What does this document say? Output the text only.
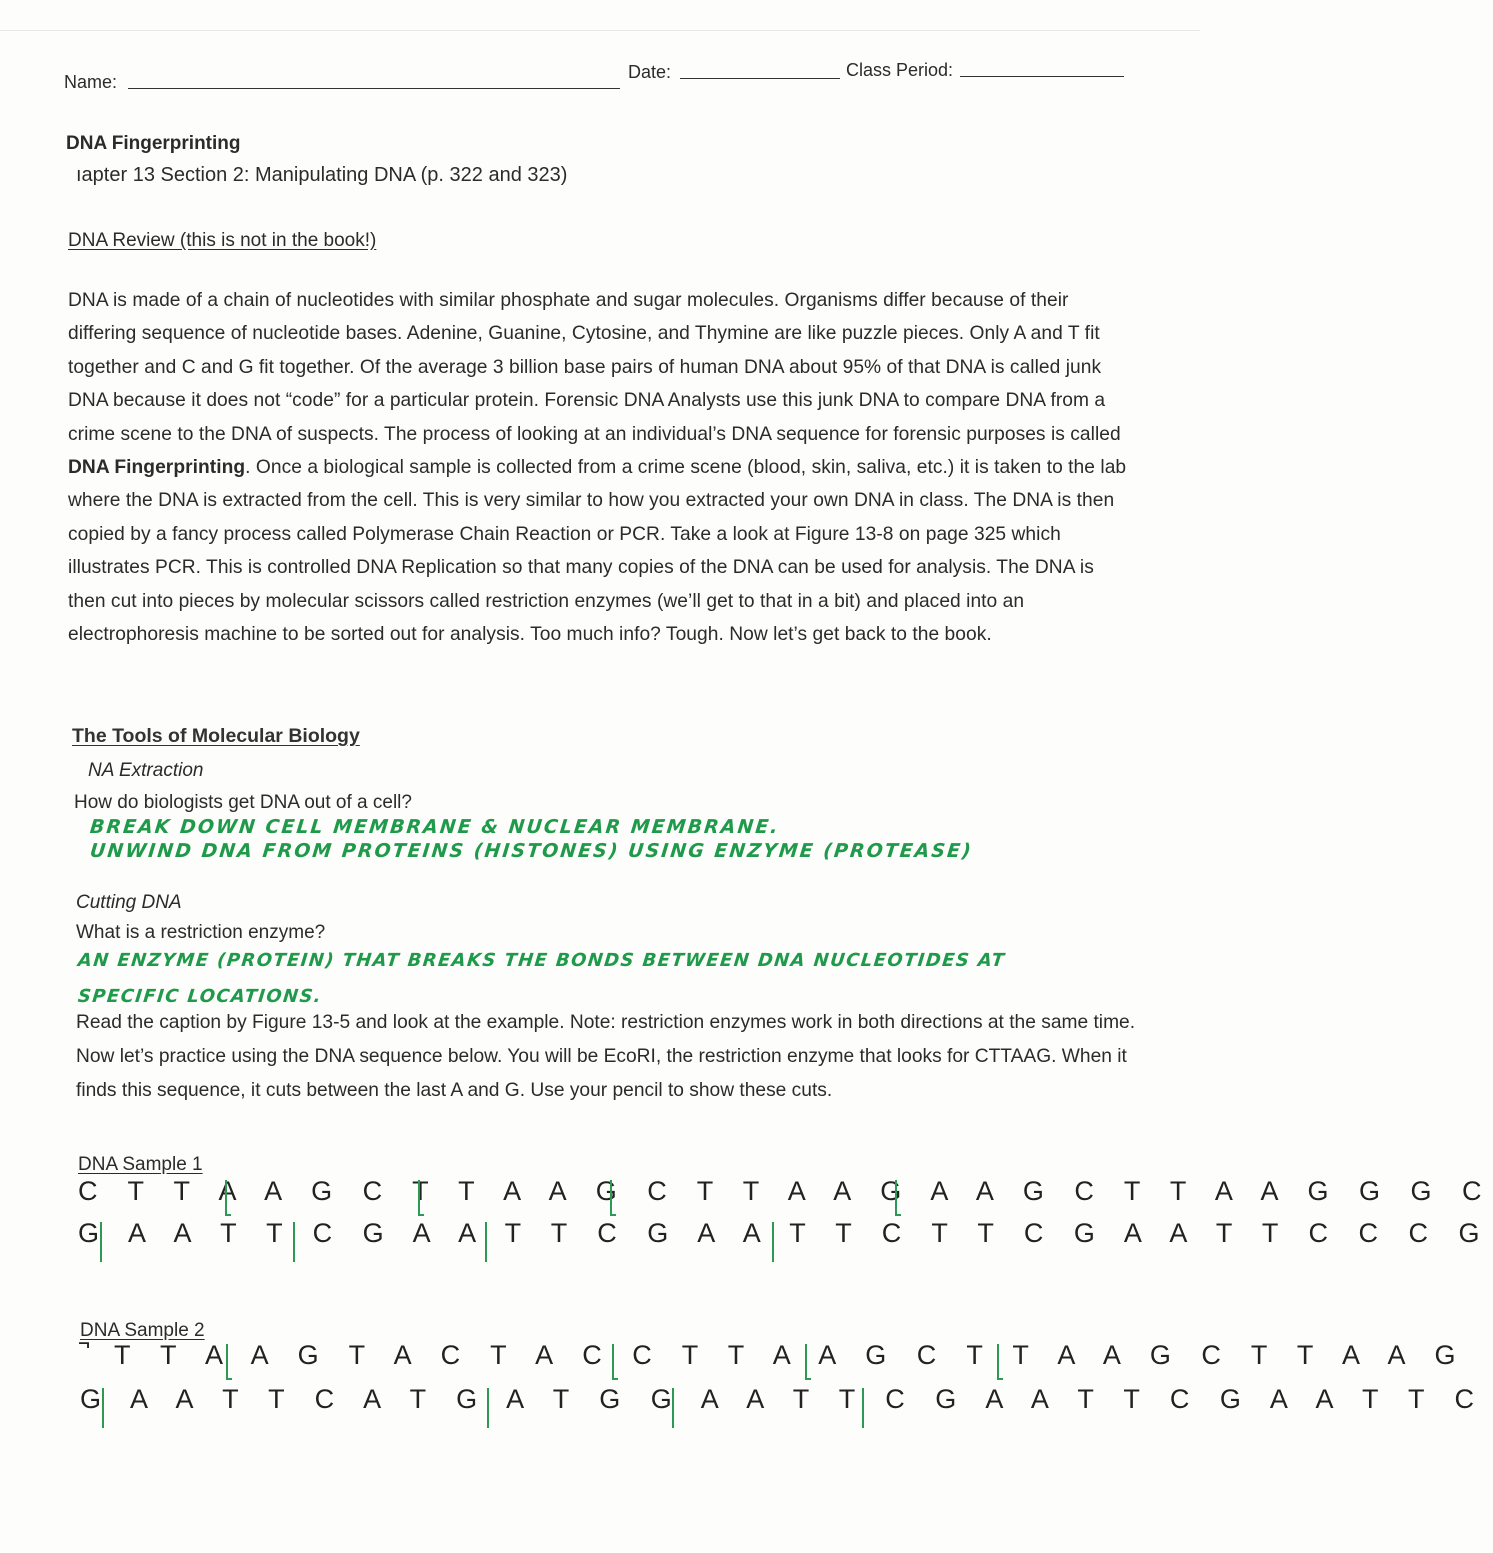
Name:	Date:	Class Period:
DNA Fingerprinting
ıapter 13 Section 2: Manipulating DNA (p. 322 and 323)
DNA Review (this is not in the book!)
DNA is made of a chain of nucleotides with similar phosphate and sugar molecules. Organisms differ because of their differing sequence of nucleotide bases. Adenine, Guanine, Cytosine, and Thymine are like puzzle pieces. Only A and T fit together and C and G fit together. Of the average 3 billion base pairs of human DNA about 95% of that DNA is called junk DNA because it does not “code” for a particular protein. Forensic DNA Analysts use this junk DNA to compare DNA from a crime scene to the DNA of suspects. The process of looking at an individual’s DNA sequence for forensic purposes is called DNA Fingerprinting. Once a biological sample is collected from a crime scene (blood, skin, saliva, etc.) it is taken to the lab where the DNA is extracted from the cell. This is very similar to how you extracted your own DNA in class. The DNA is then copied by a fancy process called Polymerase Chain Reaction or PCR. Take a look at Figure 13-8 on page 325 which illustrates PCR. This is controlled DNA Replication so that many copies of the DNA can be used for analysis. The DNA is then cut into pieces by molecular scissors called restriction enzymes (we’ll get to that in a bit) and placed into an electrophoresis machine to be sorted out for analysis. Too much info? Tough. Now let’s get back to the book.
The Tools of Molecular Biology
NA Extraction
How do biologists get DNA out of a cell?
BREAK DOWN CELL MEMBRANE & NUCLEAR MEMBRANE.
UNWIND DNA FROM PROTEINS (HISTONES) USING ENZYME (PROTEASE)
Cutting DNA
What is a restriction enzyme?
AN ENZYME (PROTEIN) THAT BREAKS THE BONDS BETWEEN DNA NUCLEOTIDES AT
SPECIFIC LOCATIONS.
Read the caption by Figure 13-5 and look at the example. Note: restriction enzymes work in both directions at the same time. Now let’s practice using the DNA sequence below. You will be EcoRI, the restriction enzyme that looks for CTTAAG. When it finds this sequence, it cuts between the last A and G. Use your pencil to show these cuts.
DNA Sample 1
C T T A A G C T T A A G C T T A A G A A G C T T A A G G G C
G A A T T C G A A T T C G A A T T C T T C G A A T T C C C G
DNA Sample 2
̚ T T A A G T A C T A C C T T A A G C T T A A G C T T A A G
G A A T T C A T G A T G G A A T T C G A A T T C G A A T T C
